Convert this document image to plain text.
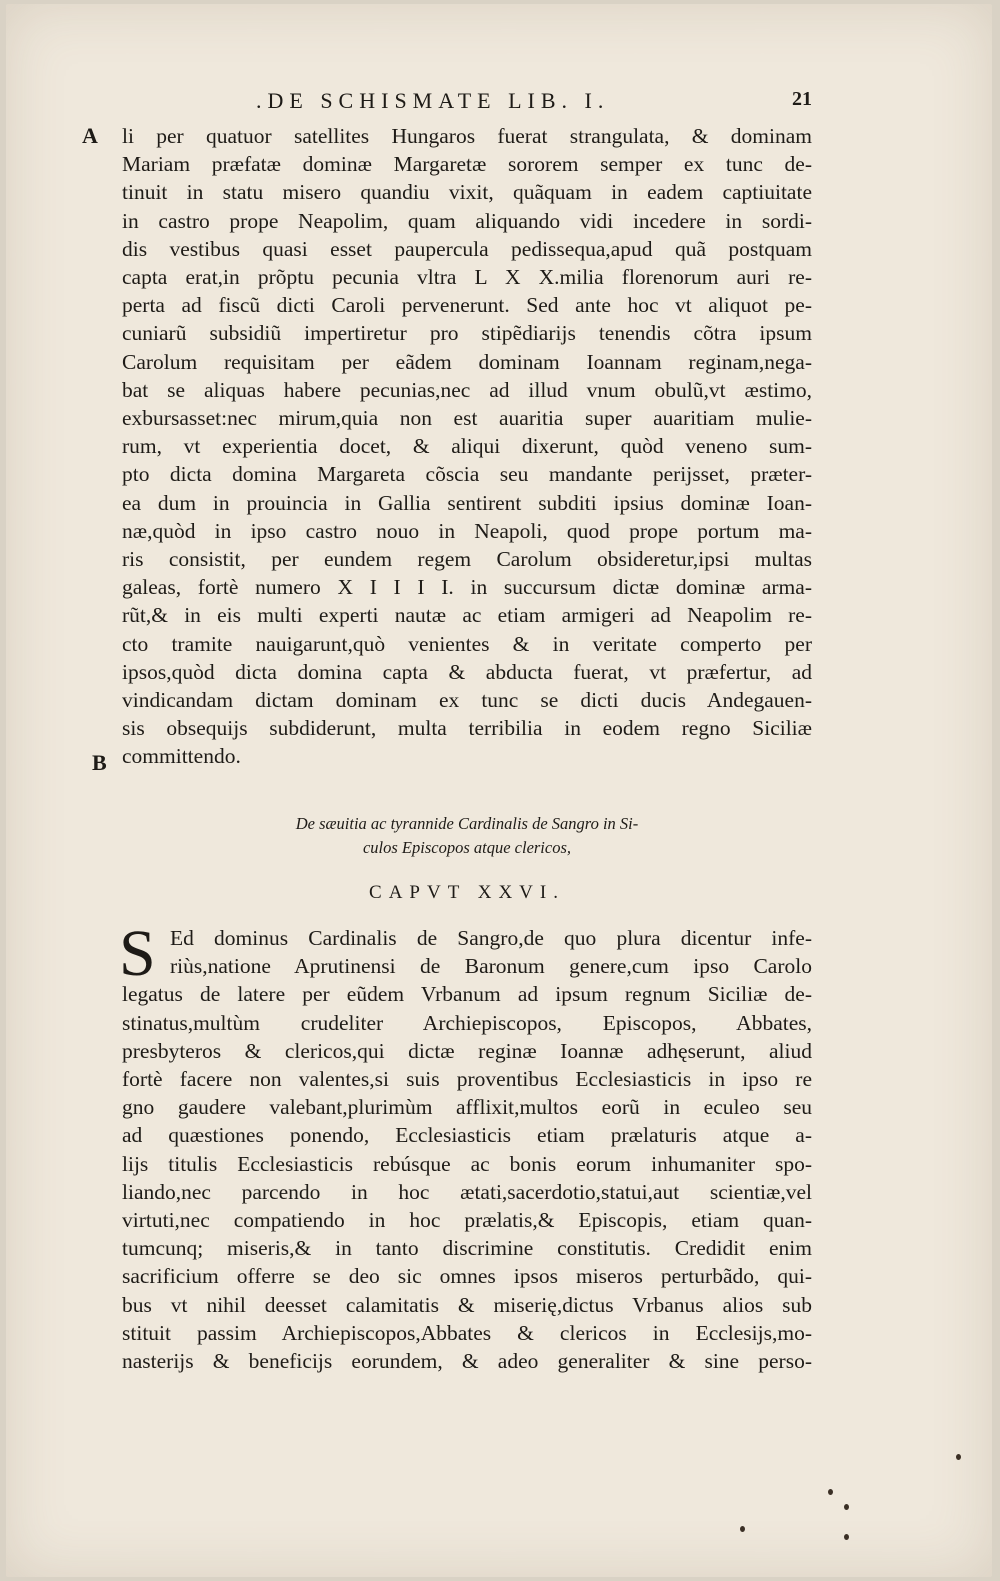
.DE SCHISMATE LIB. I.	21
A
B
li per quatuor satellites Hungaros fuerat strangulata, & dominam
Mariam præfatæ dominæ Margaretæ sororem semper ex tunc de-
tinuit in statu misero quandiu vixit, quãquam in eadem captiuitate
in castro prope Neapolim, quam aliquando vidi incedere in sordi-
dis vestibus quasi esset paupercula pedissequa,apud quã postquam
capta erat,in prõptu pecunia vltra L X X.milia florenorum auri re-
perta ad fiscũ dicti Caroli pervenerunt. Sed ante hoc vt aliquot pe-
cuniarũ subsidiũ impertiretur pro stipẽdiarijs tenendis cõtra ipsum
Carolum requisitam per eãdem dominam Ioannam reginam,nega-
bat se aliquas habere pecunias,nec ad illud vnum obulũ,vt æstimo,
exbursasset:nec mirum,quia non est auaritia super auaritiam mulie-
rum, vt experientia docet, & aliqui dixerunt, quòd veneno sum-
pto dicta domina Margareta cõscia seu mandante perijsset, præter-
ea dum in prouincia in Gallia sentirent subditi ipsius dominæ Ioan-
næ,quòd in ipso castro nouo in Neapoli, quod prope portum ma-
ris consistit, per eundem regem Carolum obsideretur,ipsi multas
galeas, fortè numero X I I I I. in succursum dictæ dominæ arma-
rũt,& in eis multi experti nautæ ac etiam armigeri ad Neapolim re-
cto tramite nauigarunt,quò venientes & in veritate comperto per
ipsos,quòd dicta domina capta & abducta fuerat, vt præfertur, ad
vindicandam dictam dominam ex tunc se dicti ducis Andegauen-
sis obsequijs subdiderunt, multa terribilia in eodem regno Siciliæ
committendo.
De sæuitia ac tyrannide Cardinalis de Sangro in Si-
culos Episcopos atque clericos,
CAPVT XXVI.
S Ed dominus Cardinalis de Sangro,de quo plura dicentur infe-
riùs,natione Aprutinensi de Baronum genere,cum ipso Carolo
legatus de latere per eũdem Vrbanum ad ipsum regnum Siciliæ de-
stinatus,multùm crudeliter Archiepiscopos, Episcopos, Abbates,
presbyteros & clericos,qui dictæ reginæ Ioannæ adhęserunt, aliud
fortè facere non valentes,si suis proventibus Ecclesiasticis in ipso re
gno gaudere valebant,plurimùm afflixit,multos eorũ in eculeo seu
ad quæstiones ponendo, Ecclesiasticis etiam prælaturis atque a-
lijs titulis Ecclesiasticis rebúsque ac bonis eorum inhumaniter spo-
liando,nec parcendo in hoc ætati,sacerdotio,statui,aut scientiæ,vel
virtuti,nec compatiendo in hoc prælatis,& Episcopis, etiam quan-
tumcunq; miseris,& in tanto discrimine constitutis. Credidit enim
sacrificium offerre se deo sic omnes ipsos miseros perturbãdo, qui-
bus vt nihil deesset calamitatis & miserię,dictus Vrbanus alios sub
stituit passim Archiepiscopos,Abbates & clericos in Ecclesijs,mo-
nasterijs & beneficijs eorundem, & adeo generaliter & sine perso-
